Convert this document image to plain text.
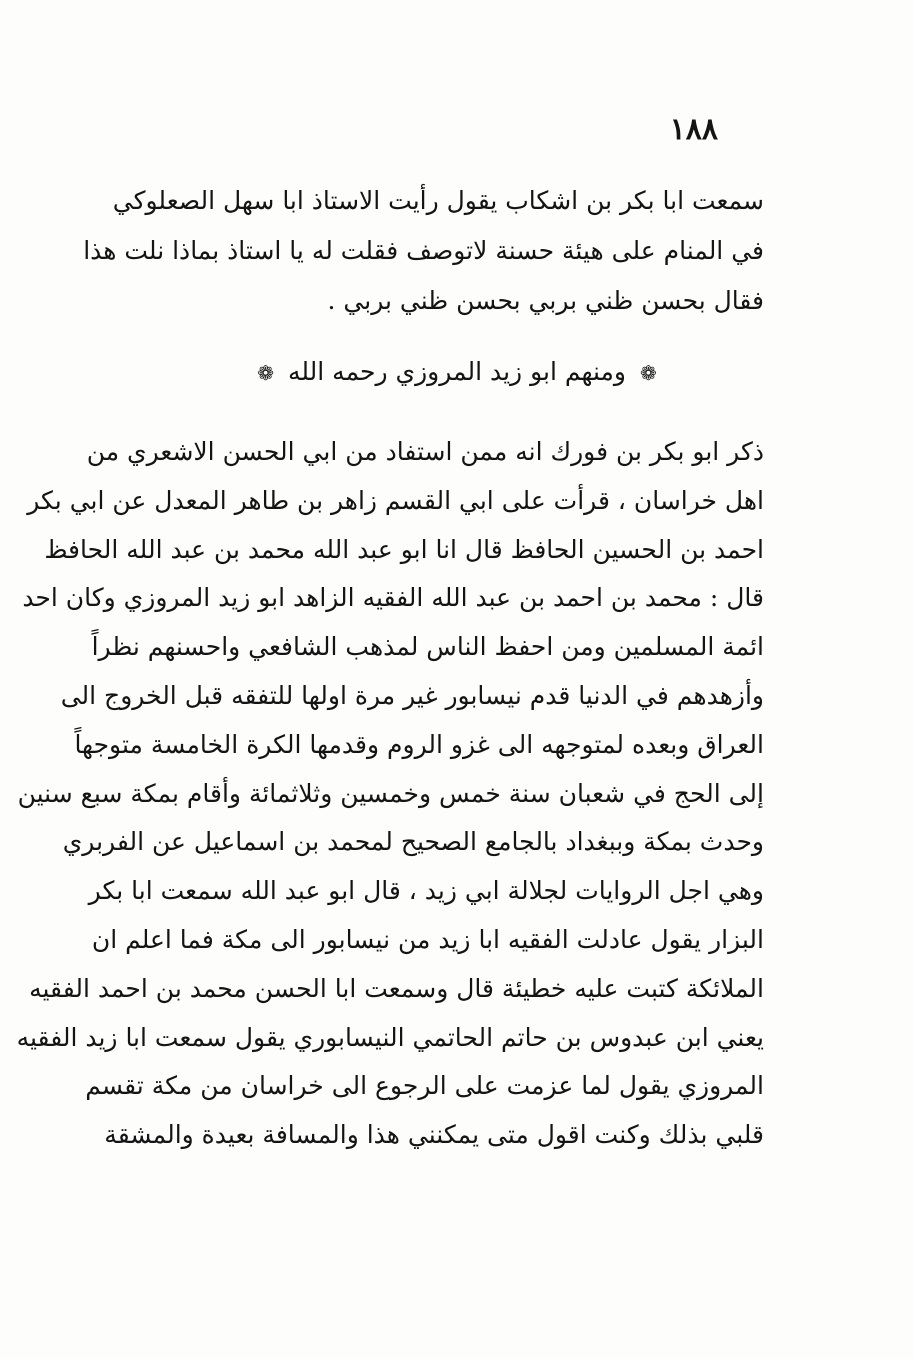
١٨٨
سمعت ابا بكر بن اشكاب يقول رأيت الاستاذ ابا سهل الصعلوكي
في المنام على هيئة حسنة لاتوصف فقلت له يا استاذ بماذا نلت هذا
فقال بحسن ظني بربي بحسن ظني بربي .
❁ ومنهم ابو زيد المروزي رحمه الله ❁
ذكر ابو بكر بن فورك انه ممن استفاد من ابي الحسن الاشعري من
اهل خراسان ، قرأت على ابي القسم زاهر بن طاهر المعدل عن ابي بكر
احمد بن الحسين الحافظ قال انا ابو عبد الله محمد بن عبد الله الحافظ
قال : محمد بن احمد بن عبد الله الفقيه الزاهد ابو زيد المروزي وكان احد
ائمة المسلمين ومن احفظ الناس لمذهب الشافعي واحسنهم نظراً
وأزهدهم في الدنيا قدم نيسابور غير مرة اولها للتفقه قبل الخروج الى
العراق وبعده لمتوجهه الى غزو الروم وقدمها الكرة الخامسة متوجهاً
إلى الحج في شعبان سنة خمس وخمسين وثلاثمائة وأقام بمكة سبع سنين
وحدث بمكة وببغداد بالجامع الصحيح لمحمد بن اسماعيل عن الفربري
وهي اجل الروايات لجلالة ابي زيد ، قال ابو عبد الله سمعت ابا بكر
البزار يقول عادلت الفقيه ابا زيد من نيسابور الى مكة فما اعلم ان
الملائكة كتبت عليه خطيئة قال وسمعت ابا الحسن محمد بن احمد الفقيه
يعني ابن عبدوس بن حاتم الحاتمي النيسابوري يقول سمعت ابا زيد الفقيه
المروزي يقول لما عزمت على الرجوع الى خراسان من مكة تقسم
قلبي بذلك وكنت اقول متى يمكنني هذا والمسافة بعيدة والمشقة
